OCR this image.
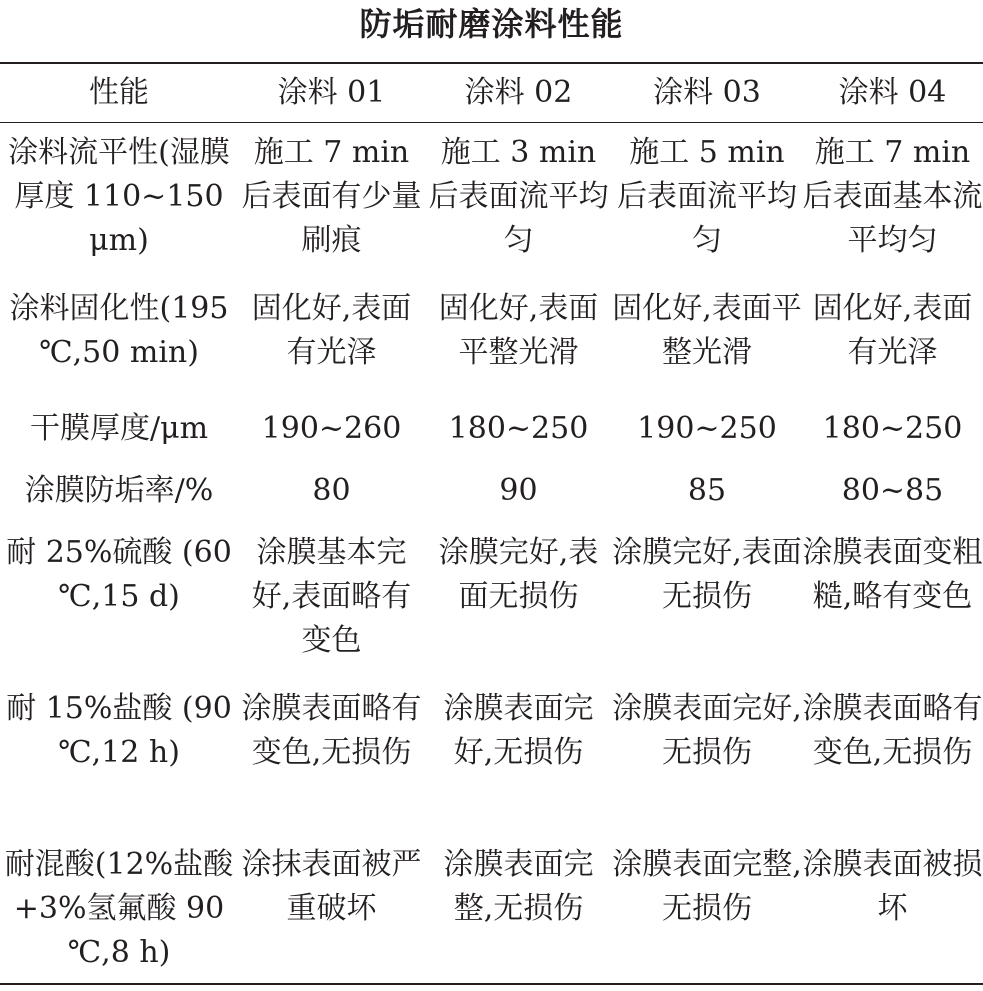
防垢耐磨涂料性能
性能	涂料 01	涂料 02	涂料 03	涂料 04

涂料流平性(湿膜厚度 110~150 μm)	施工 7 min 后表面有少量刷痕	施工 3 min 后表面流平均匀	施工 5 min 后表面流平均匀	施工 7 min 后表面基本流平均匀

涂料固化性(195 ℃,50 min)	固化好,表面有光泽	固化好,表面平整光滑	固化好,表面平整光滑	固化好,表面有光泽

干膜厚度/μm	190~260	180~250	190~250	180~250

涂膜防垢率/%	80	90	85	80~85

耐 25%硫酸 (60 ℃,15 d)	涂膜基本完好,表面略有变色	涂膜完好,表面无损伤	涂膜完好,表面无损伤	涂膜表面变粗糙,略有变色

耐 15%盐酸 (90 ℃,12 h)	涂膜表面略有变色,无损伤	涂膜表面完好,无损伤	涂膜表面完好,无损伤	涂膜表面略有变色,无损伤

耐混酸(12%盐酸+3%氢氟酸 90 ℃,8 h)	涂抹表面被严重破坏	涂膜表面完整,无损伤	涂膜表面完整,无损伤	涂膜表面被损坏
